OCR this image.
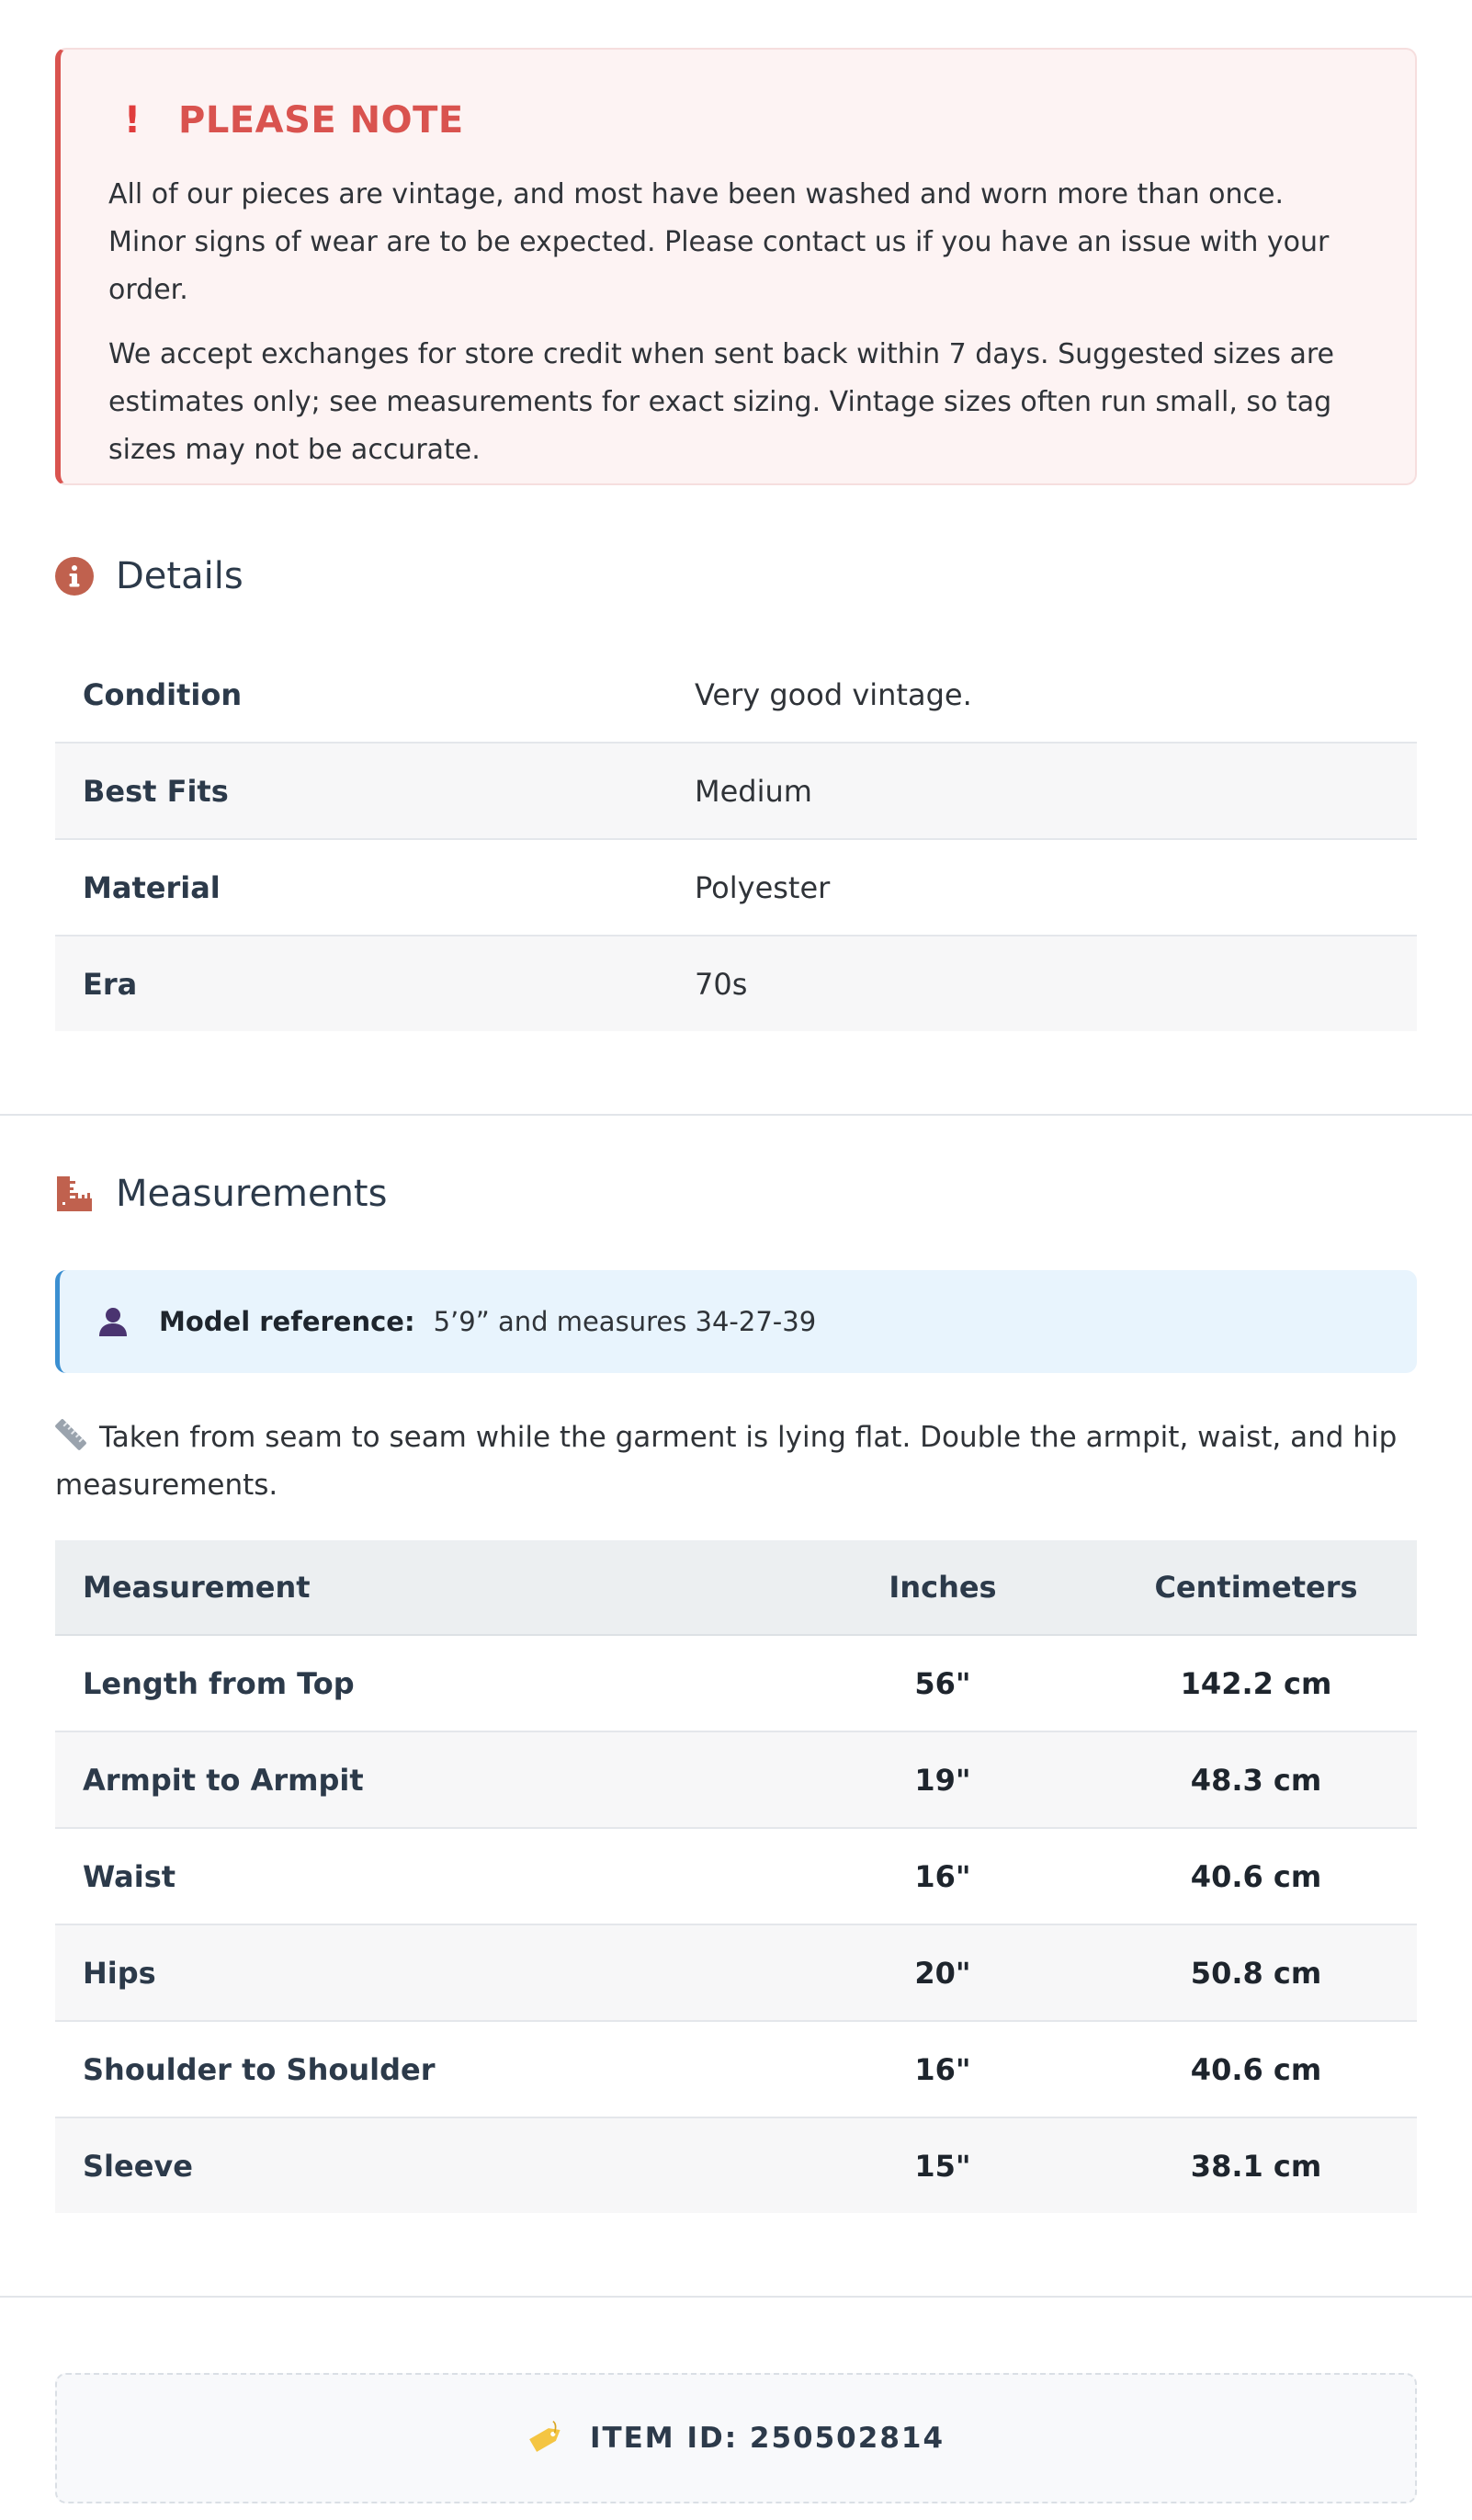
! PLEASE NOTE

All of our pieces are vintage, and most have been washed and worn more than once. Minor signs of wear are to be expected. Please contact us if you have an issue with your order.

We accept exchanges for store credit when sent back within 7 days. Suggested sizes are estimates only; see measurements for exact sizing. Vintage sizes often run small, so tag sizes may not be accurate.

Details
Condition	Very good vintage.
Best Fits	Medium
Material	Polyester
Era	70s
Measurements
Model reference: 5’9” and measures 34-27-39
Taken from seam to seam while the garment is lying flat. Double the armpit, waist, and hip measurements.
Measurement	Inches	Centimeters
Length from Top	56"	142.2 cm
Armpit to Armpit	19"	48.3 cm
Waist	16"	40.6 cm
Hips	20"	50.8 cm
Shoulder to Shoulder	16"	40.6 cm
Sleeve	15"	38.1 cm
ITEM ID: 250502814
